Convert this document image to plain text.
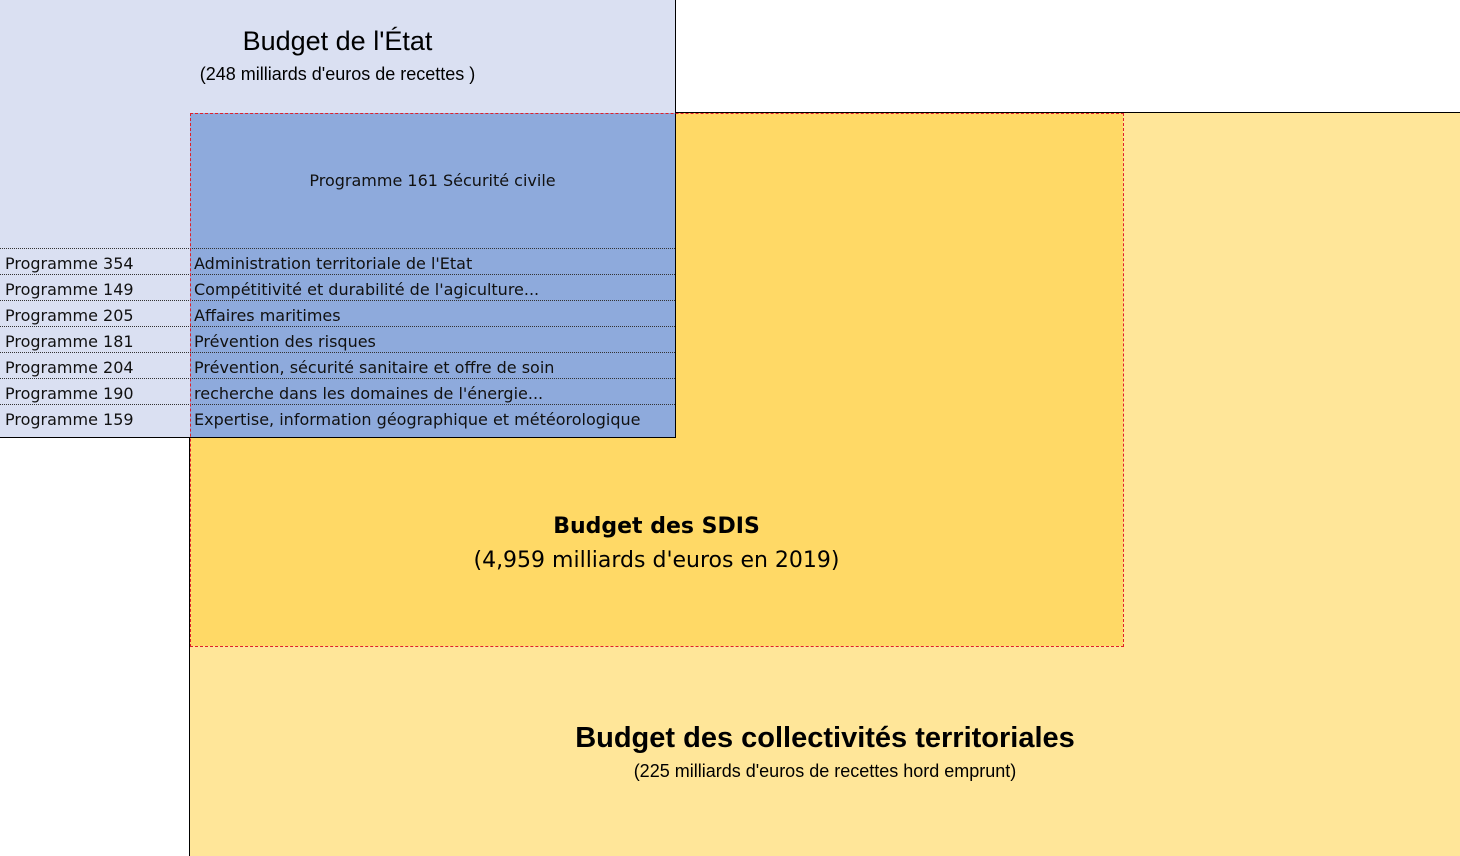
Budget de l'État
(248 milliards d'euros de recettes )
Programme 161 Sécurité civile
Programme 354	Administration territoriale de l'Etat
Programme 149	Compétitivité et durabilité de l'agiculture...
Programme 205	Affaires maritimes
Programme 181	Prévention des risques
Programme 204	Prévention, sécurité sanitaire et offre de soin
Programme 190	recherche dans les domaines de l'énergie...
Programme 159	Expertise, information géographique et météorologique
Budget des SDIS
(4,959 milliards d'euros en 2019)
Budget des collectivités territoriales
(225 milliards d'euros de recettes hord emprunt)
